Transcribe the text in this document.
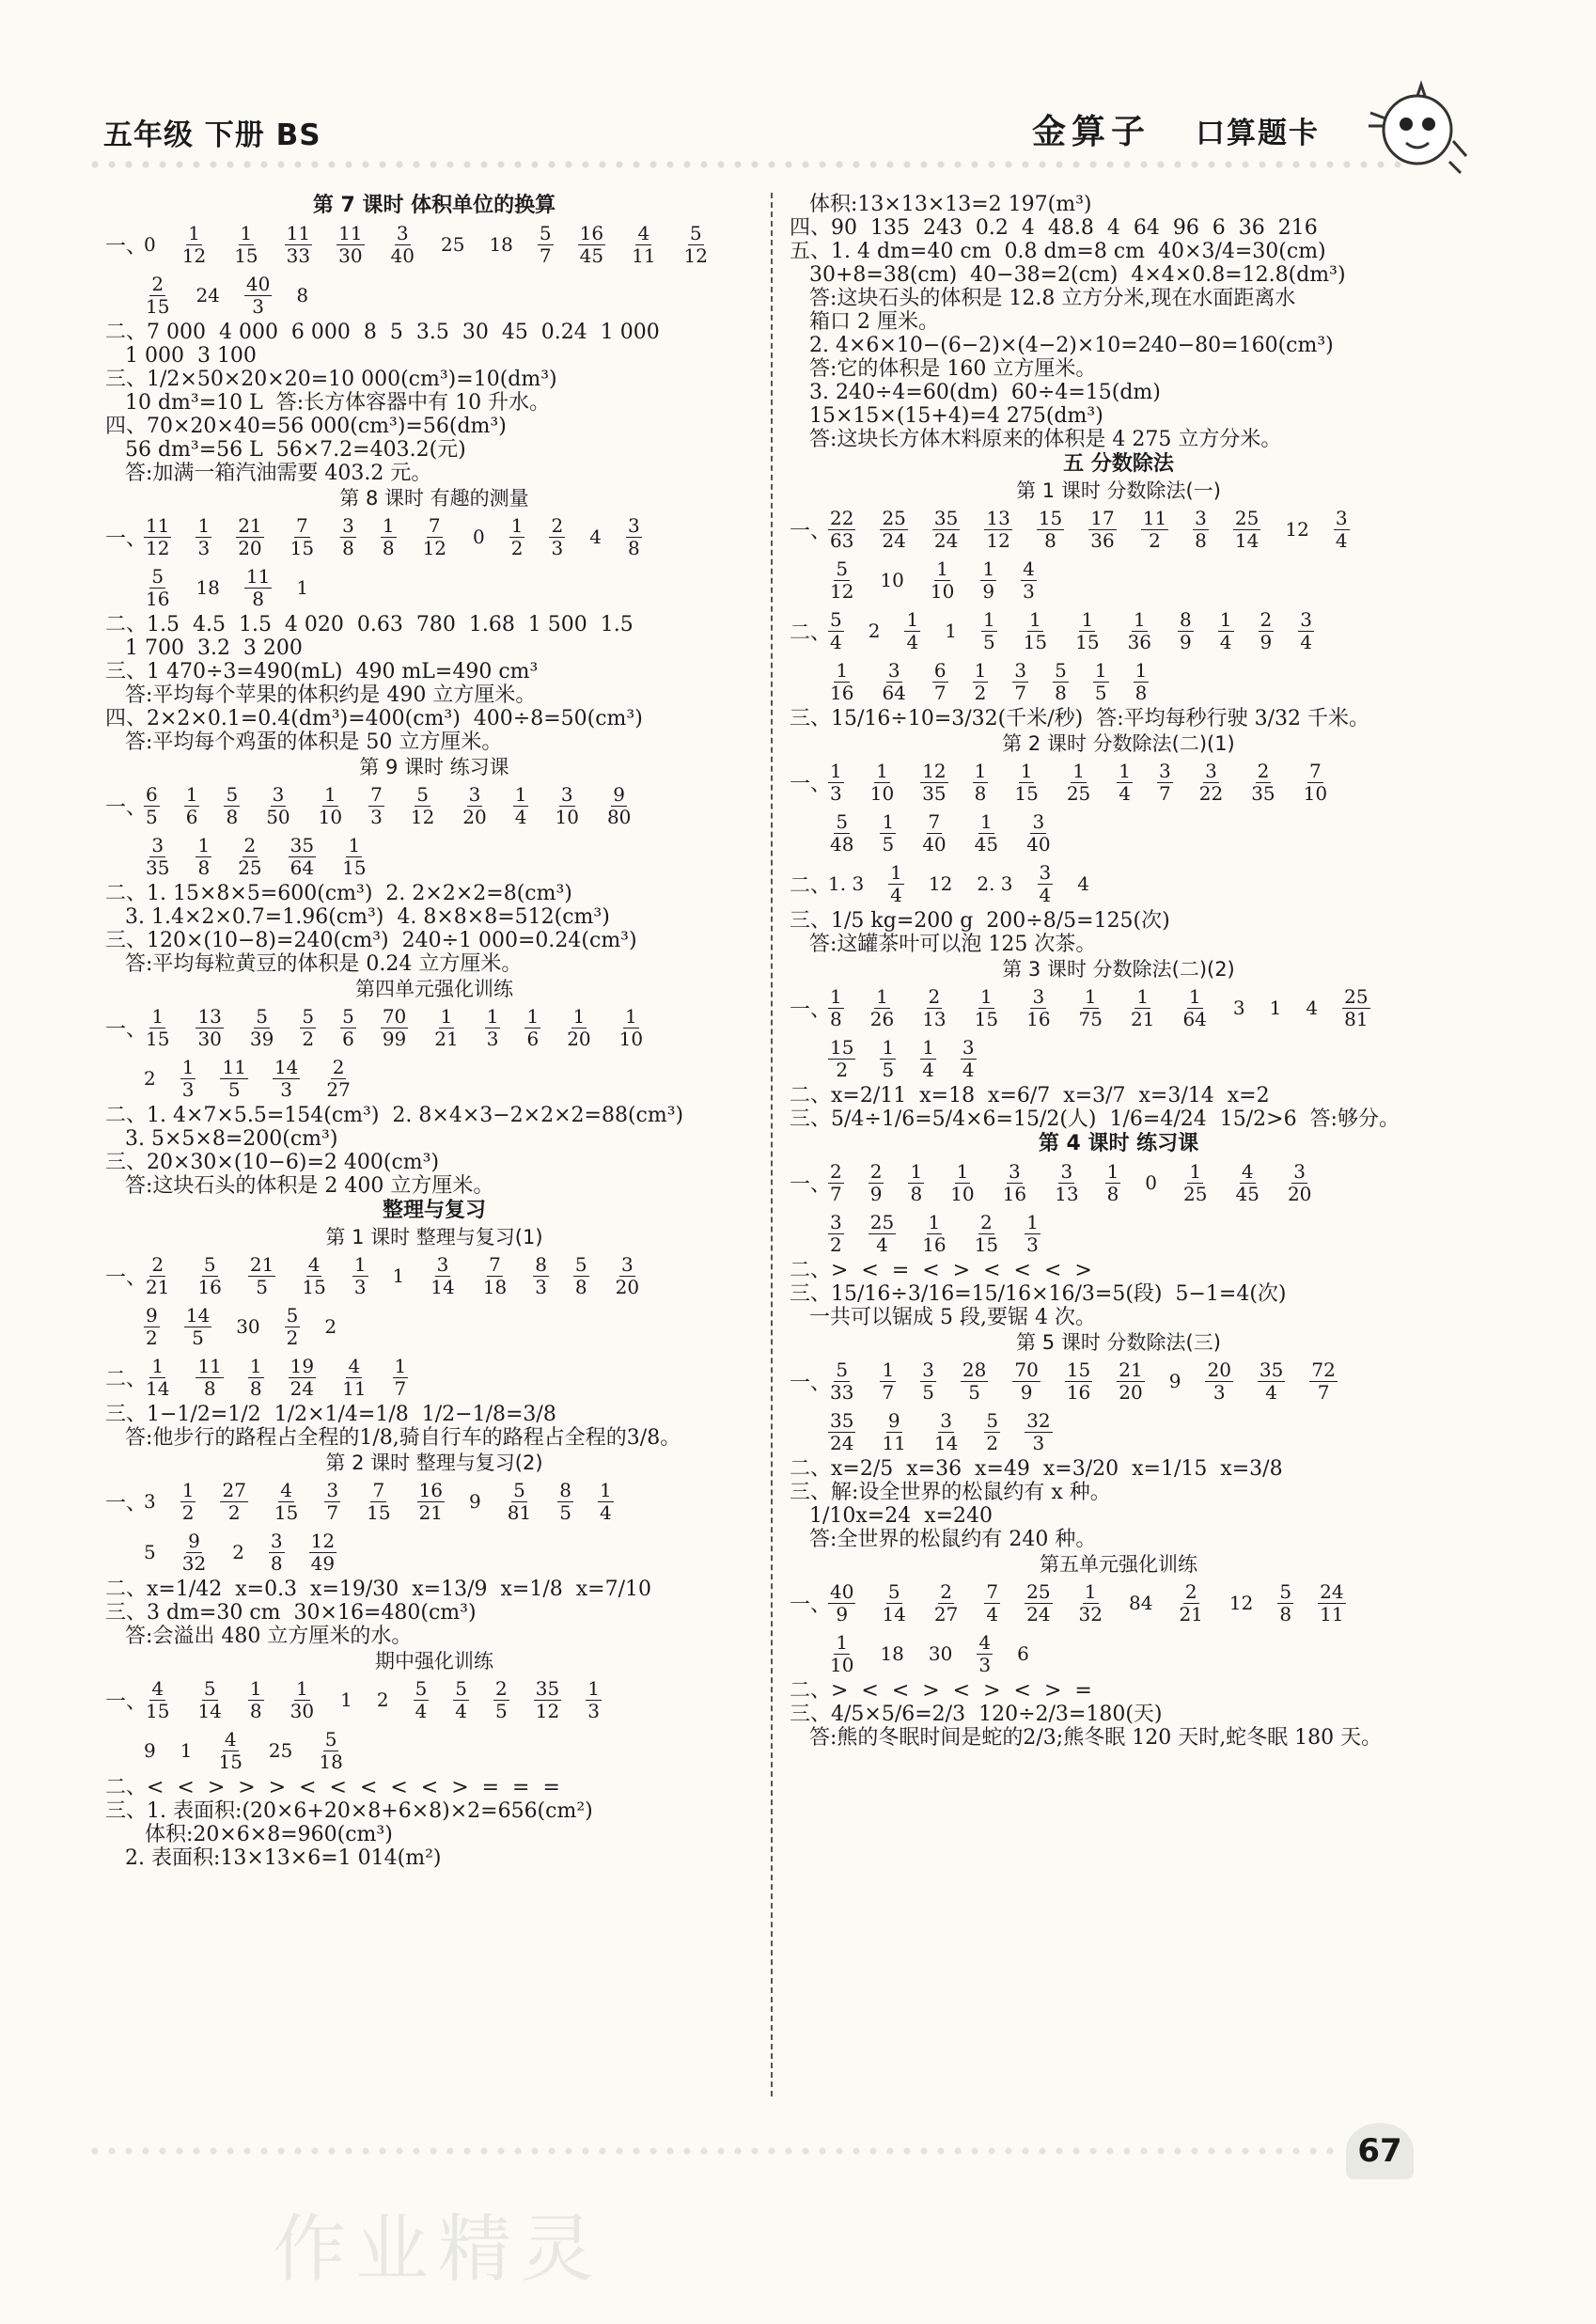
五年级 下册 BS	金算子 口算题卡
第 7 课时 体积单位的换算
一、
$0 \frac{1}{12} \frac{1}{15} \frac{11}{33} \frac{11}{30} \frac{3}{40} 25$ $18 \frac{5}{7} \frac{16}{45} \frac{4}{11} \frac{5}{12}$
$\frac{2}{15} 24 \frac{40}{3} 8$
二、7 000  4 000  6 000  8  5  3.5  30  45  0.24  1 000
1 000  3 100
三、1/2×50×20×20=10 000(cm³)=10(dm³)
10 dm³=10 L  答:长方体容器中有 10 升水。
四、70×20×40=56 000(cm³)=56(dm³)
56 dm³=56 L  56×7.2=403.2(元)
答:加满一箱汽油需要 403.2 元。
第 8 课时 有趣的测量
一、
$\frac{11}{12} \frac{1}{3} \frac{21}{20} \frac{7}{15} \frac{3}{8} \frac{1}{8} \frac{7}{12} 0 \frac{1}{2} \frac{2}{3} 4 \frac{3}{8}$
$\frac{5}{16} 18 \frac{11}{8} 1$
二、1.5  4.5  1.5  4 020  0.63  780  1.68  1 500  1.5
1 700  3.2  3 200
三、1 470÷3=490(mL)  490 mL=490 cm³
答:平均每个苹果的体积约是 490 立方厘米。
四、2×2×0.1=0.4(dm³)=400(cm³)  400÷8=50(cm³)
答:平均每个鸡蛋的体积是 50 立方厘米。
第 9 课时 练习课
一、
$\frac{6}{5} \frac{1}{6} \frac{5}{8} \frac{3}{50} \frac{1}{10} \frac{7}{3} \frac{5}{12} \frac{3}{20} \frac{1}{4} \frac{3}{10} \frac{9}{80}$
$\frac{3}{35} \frac{1}{8} \frac{2}{25} \frac{35}{64} \frac{1}{15}$
二、1. 15×8×5=600(cm³)  2. 2×2×2=8(cm³)
3. 1.4×2×0.7=1.96(cm³)  4. 8×8×8=512(cm³)
三、120×(10−8)=240(cm³)  240÷1 000=0.24(cm³)
答:平均每粒黄豆的体积是 0.24 立方厘米。
第四单元强化训练
一、
$\frac{1}{15} \frac{13}{30} \frac{5}{39} \frac{5}{2} \frac{5}{6} \frac{70}{99} \frac{1}{21} \frac{1}{3} \frac{1}{6} \frac{1}{20} \frac{1}{10}$
$2 \frac{1}{3} \frac{11}{5} \frac{14}{3} \frac{2}{27}$
二、1. 4×7×5.5=154(cm³)  2. 8×4×3−2×2×2=88(cm³)
3. 5×5×8=200(cm³)
三、20×30×(10−6)=2 400(cm³)
答:这块石头的体积是 2 400 立方厘米。
整理与复习
第 1 课时 整理与复习(1)
一、
$\frac{2}{21} \frac{5}{16} \frac{21}{5} \frac{4}{15} \frac{1}{3} 1 \frac{3}{14} \frac{7}{18} \frac{8}{3} \frac{5}{8} \frac{3}{20}$
$\frac{9}{2} \frac{14}{5} 30 \frac{5}{2} 2$
二、
$\frac{1}{14} \frac{11}{8} \frac{1}{8} \frac{19}{24} \frac{4}{11} \frac{1}{7}$
三、1−1/2=1/2  1/2×1/4=1/8  1/2−1/8=3/8
答:他步行的路程占全程的1/8,骑自行车的路程占全程的3/8。
第 2 课时 整理与复习(2)
一、
$3 \frac{1}{2} \frac{27}{2} \frac{4}{15} \frac{3}{7} \frac{7}{15} \frac{16}{21} 9 \frac{5}{81} \frac{8}{5} \frac{1}{4}$
$5 \frac{9}{32} 2 \frac{3}{8} \frac{12}{49}$
二、x=1/42  x=0.3  x=19/30  x=13/9  x=1/8  x=7/10
三、3 dm=30 cm  30×16=480(cm³)
答:会溢出 480 立方厘米的水。
期中强化训练
一、
$\frac{4}{15} \frac{5}{14} \frac{1}{8} \frac{1}{30} 1$ $2 \frac{5}{4} \frac{5}{4} \frac{2}{5} \frac{35}{12} \frac{1}{3}$
9 $1 \frac{4}{15} 25 \frac{5}{18}$
二、<  <  >  >  >  <  <  <  <  <  >  =  =  =
三、1. 表面积:(20×6+20×8+6×8)×2=656(cm²)
体积:20×6×8=960(cm³)
2. 表面积:13×13×6=1 014(m²)
体积:13×13×13=2 197(m³)
四、90  135  243  0.2  4  48.8  4  64  96  6  36  216
五、1. 4 dm=40 cm  0.8 dm=8 cm  40×3/4=30(cm)
30+8=38(cm)  40−38=2(cm)  4×4×0.8=12.8(dm³)
答:这块石头的体积是 12.8 立方分米,现在水面距离水
箱口 2 厘米。
2. 4×6×10−(6−2)×(4−2)×10=240−80=160(cm³)
答:它的体积是 160 立方厘米。
3. 240÷4=60(dm)  60÷4=15(dm)
15×15×(15+4)=4 275(dm³)
答:这块长方体木料原来的体积是 4 275 立方分米。
五 分数除法
第 1 课时 分数除法(一)
一、
$\frac{22}{63} \frac{25}{24} \frac{35}{24} \frac{13}{12} \frac{15}{8} \frac{17}{36} \frac{11}{2} \frac{3}{8} \frac{25}{14} 12 \frac{3}{4}$
$\frac{5}{12} 10 \frac{1}{10} \frac{1}{9} \frac{4}{3}$
二、
$\frac{5}{4} 2 \frac{1}{4} 1 \frac{1}{5} \frac{1}{15} \frac{1}{15} \frac{1}{36} \frac{8}{9} \frac{1}{4} \frac{2}{9} \frac{3}{4}$
$\frac{1}{16} \frac{3}{64} \frac{6}{7} \frac{1}{2} \frac{3}{7} \frac{5}{8} \frac{1}{5} \frac{1}{8}$
三、15/16÷10=3/32(千米/秒)  答:平均每秒行驶 3/32 千米。
第 2 课时 分数除法(二)(1)
一、
$\frac{1}{3} \frac{1}{10} \frac{12}{35} \frac{1}{8} \frac{1}{15} \frac{1}{25} \frac{1}{4} \frac{3}{7} \frac{3}{22} \frac{2}{35} \frac{7}{10}$
$\frac{5}{48} \frac{1}{5} \frac{7}{40} \frac{1}{45} \frac{3}{40}$
二、
1. $3 \frac{1}{4} 12$ 2. $3 \frac{3}{4} 4$
三、1/5 kg=200 g  200÷8/5=125(次)
答:这罐茶叶可以泡 125 次茶。
第 3 课时 分数除法(二)(2)
一、
$\frac{1}{8} \frac{1}{26} \frac{2}{13} \frac{1}{15} \frac{3}{16} \frac{1}{75} \frac{1}{21} \frac{1}{64} 3$ 1 $4 \frac{25}{81}$
$\frac{15}{2} \frac{1}{5} \frac{1}{4} \frac{3}{4}$
二、x=2/11  x=18  x=6/7  x=3/7  x=3/14  x=2
三、5/4÷1/6=5/4×6=15/2(人)  1/6=4/24  15/2>6  答:够分。
第 4 课时 练习课
一、
$\frac{2}{7} \frac{2}{9} \frac{1}{8} \frac{1}{10} \frac{3}{16} \frac{3}{13} \frac{1}{8} 0 \frac{1}{25} \frac{4}{45} \frac{3}{20}$
$\frac{3}{2} \frac{25}{4} \frac{1}{16} \frac{2}{15} \frac{1}{3}$
二、>  <  =  <  >  <  <  <  >
三、15/16÷3/16=15/16×16/3=5(段)  5−1=4(次)
一共可以锯成 5 段,要锯 4 次。
第 5 课时 分数除法(三)
一、
$\frac{5}{33} \frac{1}{7} \frac{3}{5} \frac{28}{5} \frac{70}{9} \frac{15}{16} \frac{21}{20} 9 \frac{20}{3} \frac{35}{4} \frac{72}{7}$
$\frac{35}{24} \frac{9}{11} \frac{3}{14} \frac{5}{2} \frac{32}{3}$
二、x=2/5  x=36  x=49  x=3/20  x=1/15  x=3/8
三、解:设全世界的松鼠约有 x 种。
1/10x=24  x=240
答:全世界的松鼠约有 240 种。
第五单元强化训练
一、
$\frac{40}{9} \frac{5}{14} \frac{2}{27} \frac{7}{4} \frac{25}{24} \frac{1}{32} 84 \frac{2}{21} 12 \frac{5}{8} \frac{24}{11}$
$\frac{1}{10} 18$ $30 \frac{4}{3} 6$
二、>  <  <  >  <  >  <  >  =
三、4/5×5/6=2/3  120÷2/3=180(天)
答:熊的冬眠时间是蛇的2/3;熊冬眠 120 天时,蛇冬眠 180 天。
67
作业精灵
